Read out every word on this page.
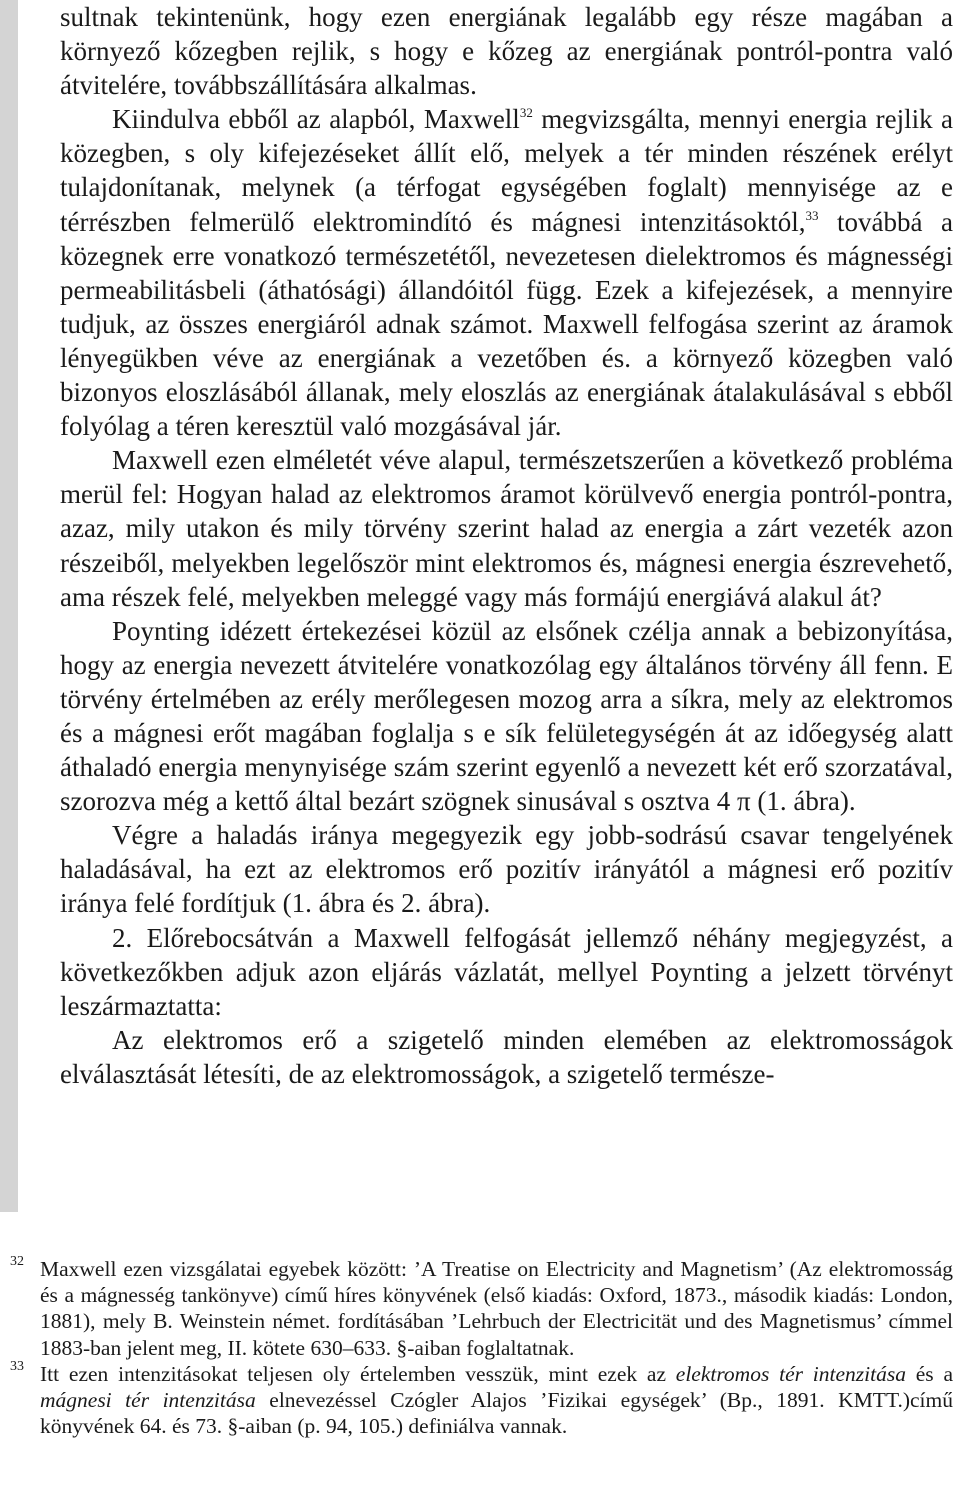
sultnak tekintenünk, hogy ezen energiának legalább egy része magában a környező kőzegben rejlik, s hogy e kőzeg az energiának pontról-pontra való átvitelére, továbbszállítására alkalmas.

Kiindulva ebből az alapból, Maxwell$^{32}$ megvizsgálta, mennyi energia rejlik a közegben, s oly kifejezéseket állít elő, melyek a tér minden részének erélyt tulajdonítanak, melynek (a térfogat egységében foglalt) mennyisége az e térrészben felmerülő elektromindító és mágnesi intenzitásoktól,$^{33}$ továbbá a közegnek erre vonatkozó természetétől, nevezetesen dielektromos és mágnességi permeabilitásbeli (áthatósági) állandóitól függ. Ezek a kifejezések, a mennyire tudjuk, az összes energiáról adnak számot. Maxwell felfogása szerint az áramok lényegükben véve az energiának a vezetőben és. a környező közegben való bizonyos eloszlásából állanak, mely eloszlás az energiának átalakulásával s ebből folyólag a téren keresztül való mozgásával jár.

Maxwell ezen elméletét véve alapul, természetszerűen a következő probléma merül fel: Hogyan halad az elektromos áramot körülvevő energia pontról-pontra, azaz, mily utakon és mily törvény szerint halad az energia a zárt vezeték azon részeiből, melyekben legelőször mint elektromos és, mágnesi energia észrevehető, ama részek felé, melyekben meleggé vagy más formájú energiává alakul át?

Poynting idézett értekezései közül az elsőnek czélja annak a bebizonyítása, hogy az energia nevezett átvitelére vonatkozólag egy általános törvény áll fenn. E törvény értelmében az erély merőlegesen mozog arra a síkra, mely az elektromos és a mágnesi erőt magában foglalja s e sík felületegységén át az időegység alatt áthaladó energia menynyisége szám szerint egyenlő a nevezett két erő szorzatával, szorozva még a kettő által bezárt szögnek sinusával s osztva 4 π (1. ábra).

Végre a haladás iránya megegyezik egy jobb-sodrású csavar tengelyének haladásával, ha ezt az elektromos erő pozitív irányától a mágnesi erő pozitív iránya felé fordítjuk (1. ábra és 2. ábra).

2. Előrebocsátván a Maxwell felfogását jellemző néhány megjegyzést, a következőkben adjuk azon eljárás vázlatát, mellyel Poynting a jelzett törvényt leszármaztatta:

Az elektromos erő a szigetelő minden elemében az elektromosságok elválasztását létesíti, de az elektromosságok, a szigetelő természe-

32 Maxwell ezen vizsgálatai egyebek között: ’A Treatise on Electricity and Magnetism’ (Az elektromosság és a mágnesség tankönyve) című híres könyvének (első kiadás: Oxford, 1873., második kiadás: London, 1881), mely B. Weinstein német. fordításában ’Lehrbuch der Electricität und des Magnetismus’ címmel 1883-ban jelent meg, II. kötete 630–633. §-aiban foglaltatnak.
33 Itt ezen intenzitásokat teljesen oly értelemben vesszük, mint ezek az elektromos tér intenzitása és a mágnesi tér intenzitása elnevezéssel Czógler Alajos ’Fizikai egységek’ (Bp., 1891. KMTT.)című könyvének 64. és 73. §-aiban (p. 94, 105.) definiálva vannak.
